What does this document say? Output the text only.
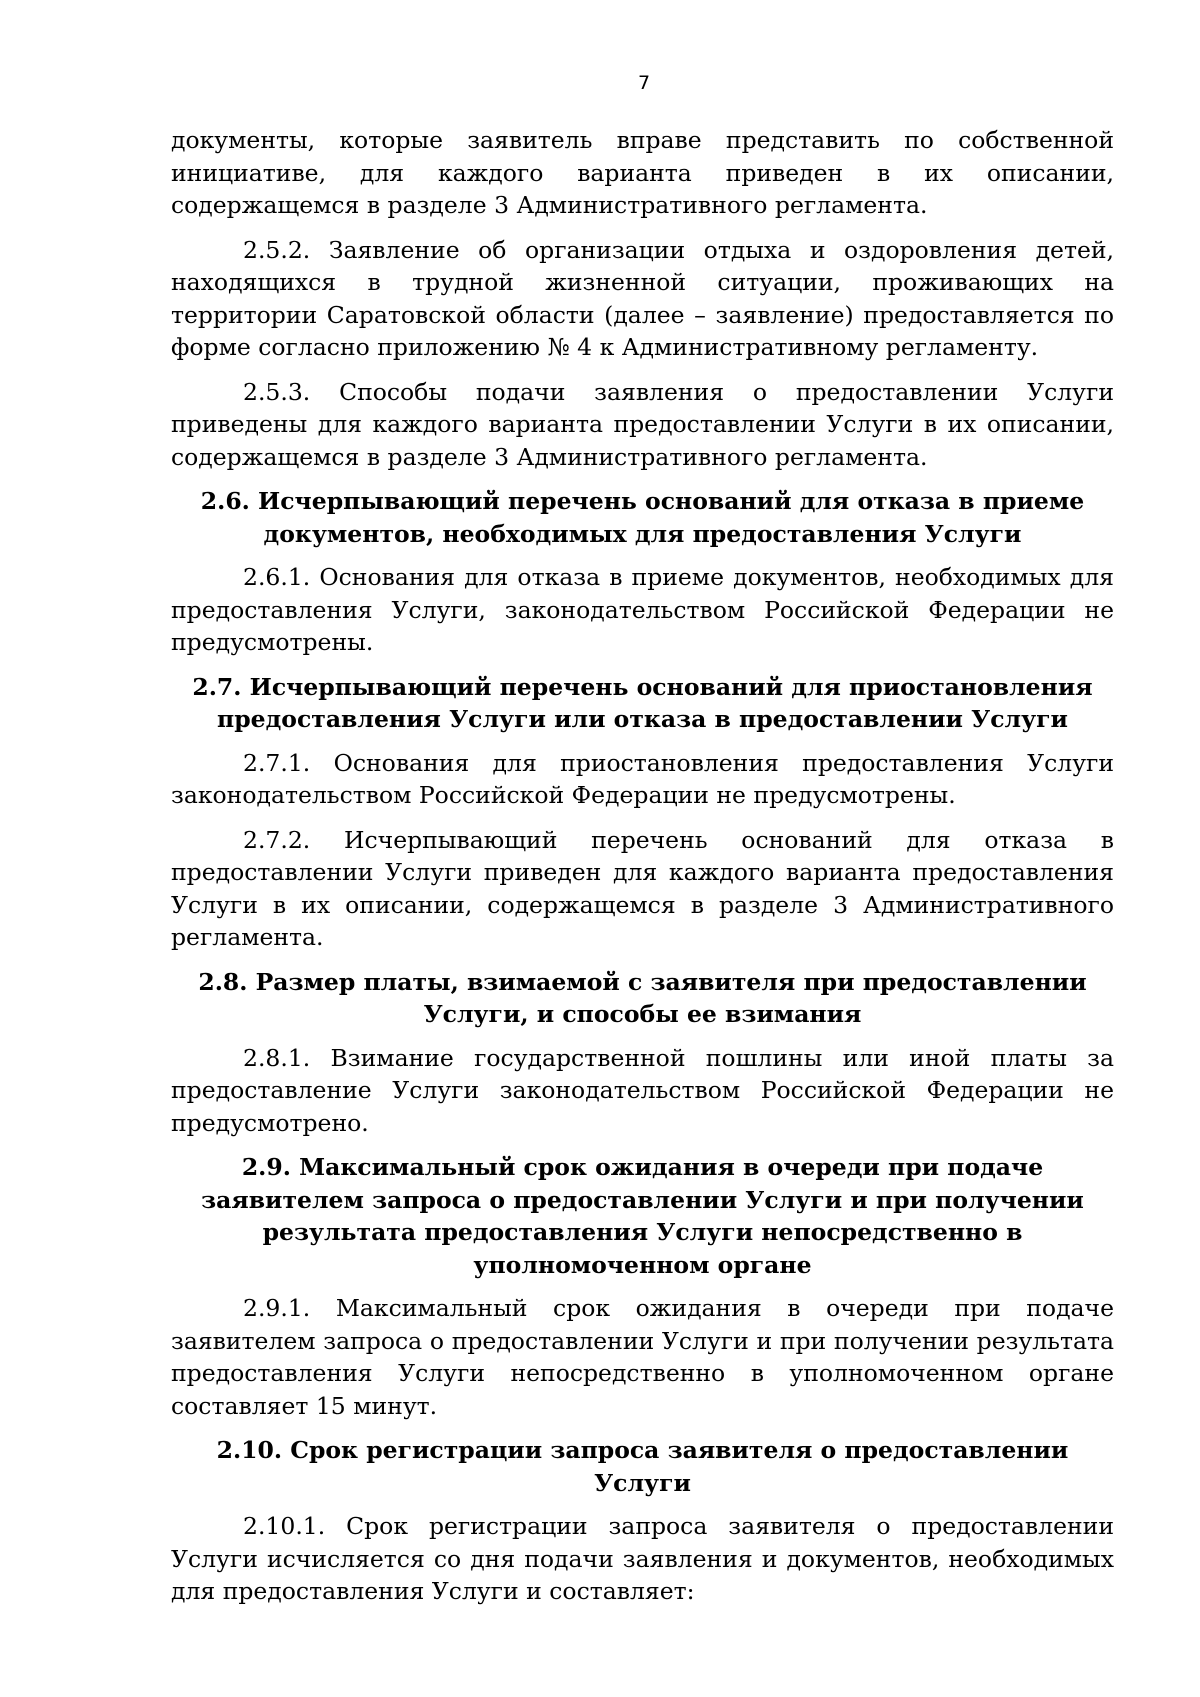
7

документы, которые заявитель вправе представить по собственной инициативе, для каждого варианта приведен в их описании, содержащемся в разделе 3 Административного регламента.

2.5.2. Заявление об организации отдыха и оздоровления детей, находящихся в трудной жизненной ситуации, проживающих на территории Саратовской области (далее – заявление) предоставляется по форме согласно приложению № 4 к Административному регламенту.

2.5.3. Способы подачи заявления о предоставлении Услуги приведены для каждого варианта предоставлении Услуги в их описании, содержащемся в разделе 3 Административного регламента.

2.6. Исчерпывающий перечень оснований для отказа в приеме документов, необходимых для предоставления Услуги

2.6.1. Основания для отказа в приеме документов, необходимых для предоставления Услуги, законодательством Российской Федерации не предусмотрены.

2.7. Исчерпывающий перечень оснований для приостановления предоставления Услуги или отказа в предоставлении Услуги

2.7.1. Основания для приостановления предоставления Услуги законодательством Российской Федерации не предусмотрены.

2.7.2. Исчерпывающий перечень оснований для отказа в предоставлении Услуги приведен для каждого варианта предоставления Услуги в их описании, содержащемся в разделе 3 Административного регламента.

2.8. Размер платы, взимаемой с заявителя при предоставлении Услуги, и способы ее взимания

2.8.1. Взимание государственной пошлины или иной платы за предоставление Услуги законодательством Российской Федерации не предусмотрено.

2.9. Максимальный срок ожидания в очереди при подаче заявителем запроса о предоставлении Услуги и при получении результата предоставления Услуги непосредственно в уполномоченном органе

2.9.1. Максимальный срок ожидания в очереди при подаче заявителем запроса о предоставлении Услуги и при получении результата предоставления Услуги непосредственно в уполномоченном органе составляет 15 минут.

2.10. Срок регистрации запроса заявителя о предоставлении Услуги

2.10.1. Срок регистрации запроса заявителя о предоставлении Услуги исчисляется со дня подачи заявления и документов, необходимых для предоставления Услуги и составляет:
